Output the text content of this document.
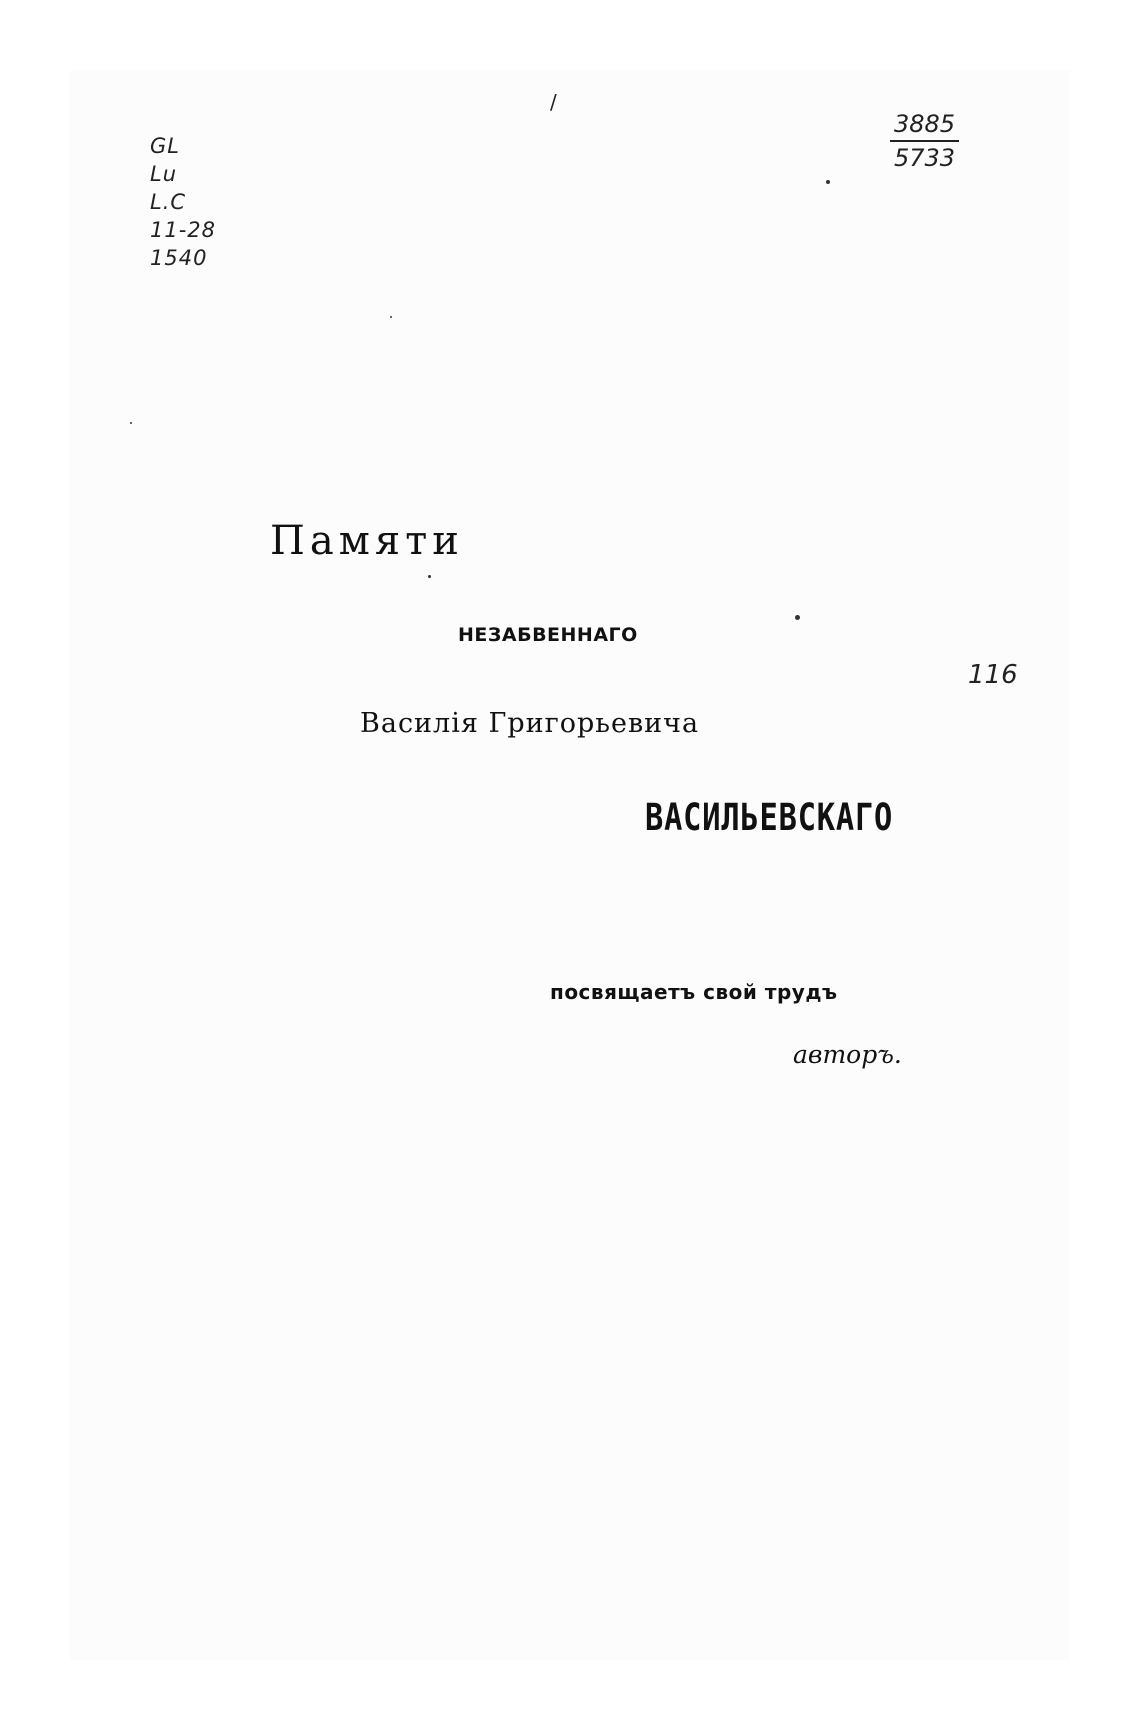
/
GL
Lu
L.C
11-28
1540
3885
5733
116
Памяти
НЕЗАБВЕННАГО
Василія Григорьевича
ВАСИЛЬЕВСКАГО
посвящаетъ свой трудъ
авторъ.
